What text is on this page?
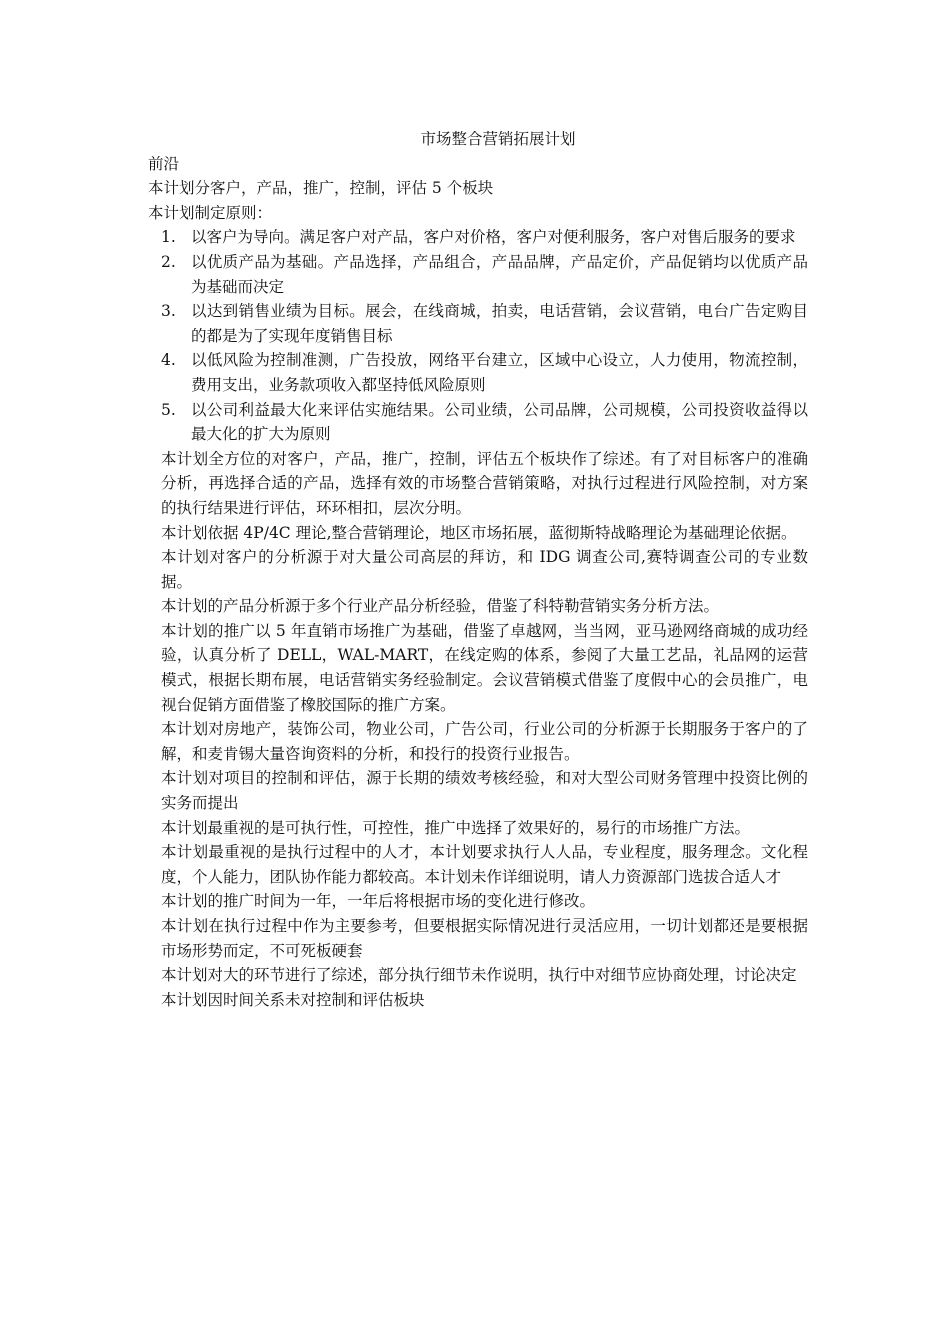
市场整合营销拓展计划

前沿

本计划分客户，产品，推广，控制，评估 5 个板块

本计划制定原则：

1. 以客户为导向。满足客户对产品，客户对价格，客户对便利服务，客户对售后服务的要求
2. 以优质产品为基础。产品选择，产品组合，产品品牌，产品定价，产品促销均以优质产品为基础而决定
3. 以达到销售业绩为目标。展会，在线商城，拍卖，电话营销，会议营销，电台广告定购目的都是为了实现年度销售目标
4. 以低风险为控制准测，广告投放，网络平台建立，区域中心设立，人力使用，物流控制，费用支出，业务款项收入都坚持低风险原则
5. 以公司利益最大化来评估实施结果。公司业绩，公司品牌，公司规模，公司投资收益得以最大化的扩大为原则

本计划全方位的对客户，产品，推广，控制，评估五个板块作了综述。有了对目标客户的准确分析，再选择合适的产品，选择有效的市场整合营销策略，对执行过程进行风险控制，对方案的执行结果进行评估，环环相扣，层次分明。

本计划依据 4P/4C 理论,整合营销理论，地区市场拓展，蓝彻斯特战略理论为基础理论依据。

本计划对客户的分析源于对大量公司高层的拜访，和 IDG 调查公司,赛特调查公司的专业数据。

本计划的产品分析源于多个行业产品分析经验，借鉴了科特勒营销实务分析方法。

本计划的推广以 5 年直销市场推广为基础，借鉴了卓越网，当当网，亚马逊网络商城的成功经验，认真分析了 DELL，WAL-MART，在线定购的体系，参阅了大量工艺品，礼品网的运营模式，根据长期布展，电话营销实务经验制定。会议营销模式借鉴了度假中心的会员推广，电视台促销方面借鉴了橡胶国际的推广方案。

本计划对房地产，装饰公司，物业公司，广告公司，行业公司的分析源于长期服务于客户的了解，和麦肯锡大量咨询资料的分析，和投行的投资行业报告。

本计划对项目的控制和评估，源于长期的绩效考核经验，和对大型公司财务管理中投资比例的实务而提出

本计划最重视的是可执行性，可控性，推广中选择了效果好的，易行的市场推广方法。

本计划最重视的是执行过程中的人才，本计划要求执行人人品，专业程度，服务理念。文化程度，个人能力，团队协作能力都较高。本计划未作详细说明，请人力资源部门选拔合适人才

本计划的推广时间为一年，一年后将根据市场的变化进行修改。

本计划在执行过程中作为主要参考，但要根据实际情况进行灵活应用，一切计划都还是要根据市场形势而定，不可死板硬套

本计划对大的环节进行了综述，部分执行细节未作说明，执行中对细节应协商处理，讨论决定

本计划因时间关系未对控制和评估板块
